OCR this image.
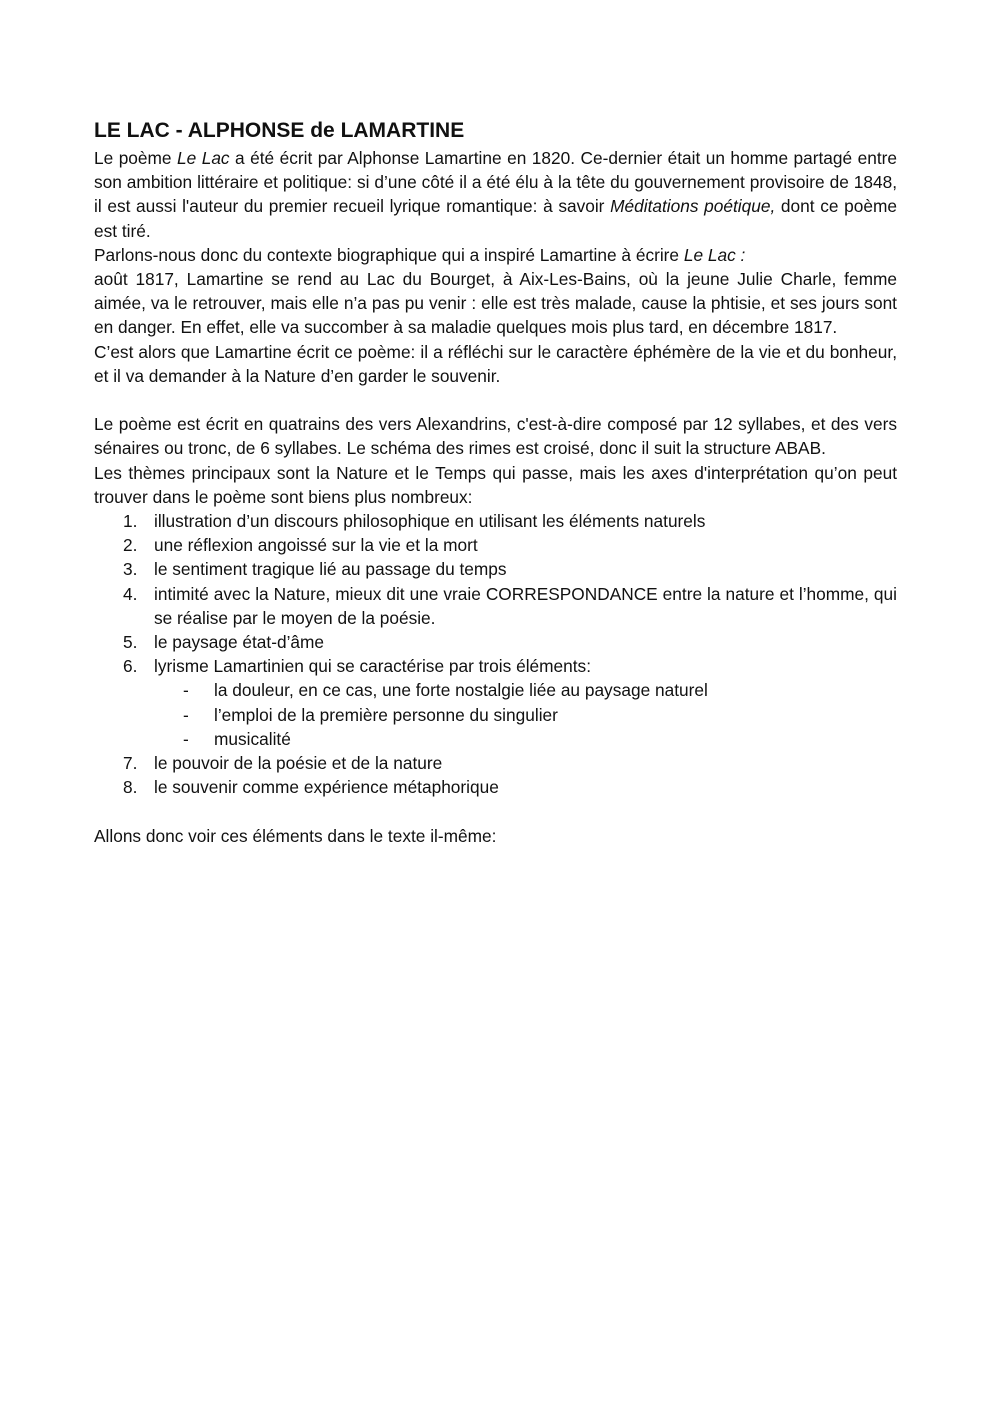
LE LAC - ALPHONSE de LAMARTINE

Le poème Le Lac a été écrit par Alphonse Lamartine en 1820. Ce-dernier était un homme partagé entre son ambition littéraire et politique: si d’une côté il a été élu à la tête du gouvernement provisoire de 1848, il est aussi l'auteur du premier recueil lyrique romantique: à savoir Méditations poétique, dont ce poème est tiré.

Parlons-nous donc du contexte biographique qui a inspiré Lamartine à écrire Le Lac :

août 1817, Lamartine se rend au Lac du Bourget, à Aix-Les-Bains, où la jeune Julie Charle, femme aimée, va le retrouver, mais elle n’a pas pu venir : elle est très malade, cause la phtisie, et ses jours sont en danger. En effet, elle va succomber à sa maladie quelques mois plus tard, en décembre 1817.

C’est alors que Lamartine écrit ce poème: il a réfléchi sur le caractère éphémère de la vie et du bonheur, et il va demander à la Nature d’en garder le souvenir.

Le poème est écrit en quatrains des vers Alexandrins, c'est-à-dire composé par 12 syllabes, et des vers sénaires ou tronc, de 6 syllabes. Le schéma des rimes est croisé, donc il suit la structure ABAB.

Les thèmes principaux sont la Nature et le Temps qui passe, mais les axes d'interprétation qu’on peut trouver dans le poème sont biens plus nombreux:

1. illustration d’un discours philosophique en utilisant les éléments naturels
2. une réflexion angoissé sur la vie et la mort
3. le sentiment tragique lié au passage du temps
4. intimité avec la Nature, mieux dit une vraie CORRESPONDANCE entre la nature et l’homme, qui se réalise par le moyen de la poésie.
5. le paysage état-d’âme
6. lyrisme Lamartinien qui se caractérise par trois éléments:
- la douleur, en ce cas, une forte nostalgie liée au paysage naturel
- l’emploi de la première personne du singulier
- musicalité
7. le pouvoir de la poésie et de la nature
8. le souvenir comme expérience métaphorique

Allons donc voir ces éléments dans le texte il-même:
